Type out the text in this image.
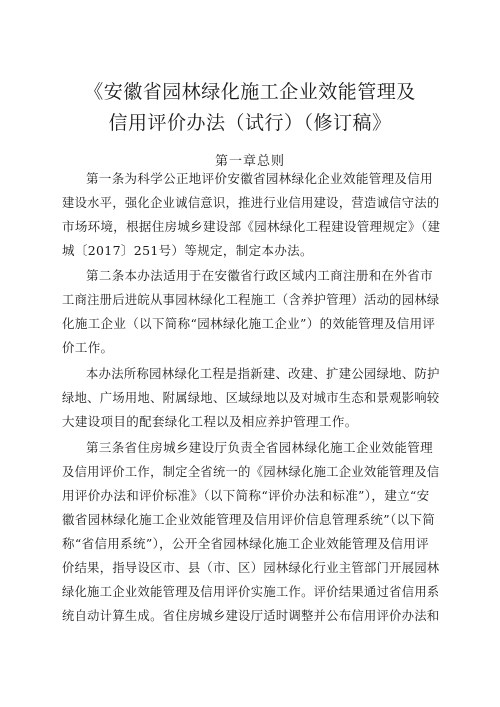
《安徽省园林绿化施工企业效能管理及
信用评价办法（试行）（修订稿》
第一章总则
第一条为科学公正地评价安徽省园林绿化企业效能管理及信用
建设水平，强化企业诚信意识，推进行业信用建设，营造诚信守法的
市场环境，根据住房城乡建设部《园林绿化工程建设管理规定》（建
城〔2017〕251号）等规定，制定本办法。
第二条本办法适用于在安徽省行政区域内工商注册和在外省市
工商注册后进皖从事园林绿化工程施工（含养护管理）活动的园林绿
化施工企业（以下简称“园林绿化施工企业”）的效能管理及信用评
价工作。
本办法所称园林绿化工程是指新建、改建、扩建公园绿地、防护
绿地、广场用地、附属绿地、区域绿地以及对城市生态和景观影响较
大建设项目的配套绿化工程以及相应养护管理工作。
第三条省住房城乡建设厅负责全省园林绿化施工企业效能管理
及信用评价工作，制定全省统一的《园林绿化施工企业效能管理及信
用评价办法和评价标准》（以下简称“评价办法和标准”），建立“安
徽省园林绿化施工企业效能管理及信用评价信息管理系统”（以下简
称“省信用系统”），公开全省园林绿化施工企业效能管理及信用评
价结果，指导设区市、县（市、区）园林绿化行业主管部门开展园林
绿化施工企业效能管理及信用评价实施工作。评价结果通过省信用系
统自动计算生成。省住房城乡建设厅适时调整并公布信用评价办法和
